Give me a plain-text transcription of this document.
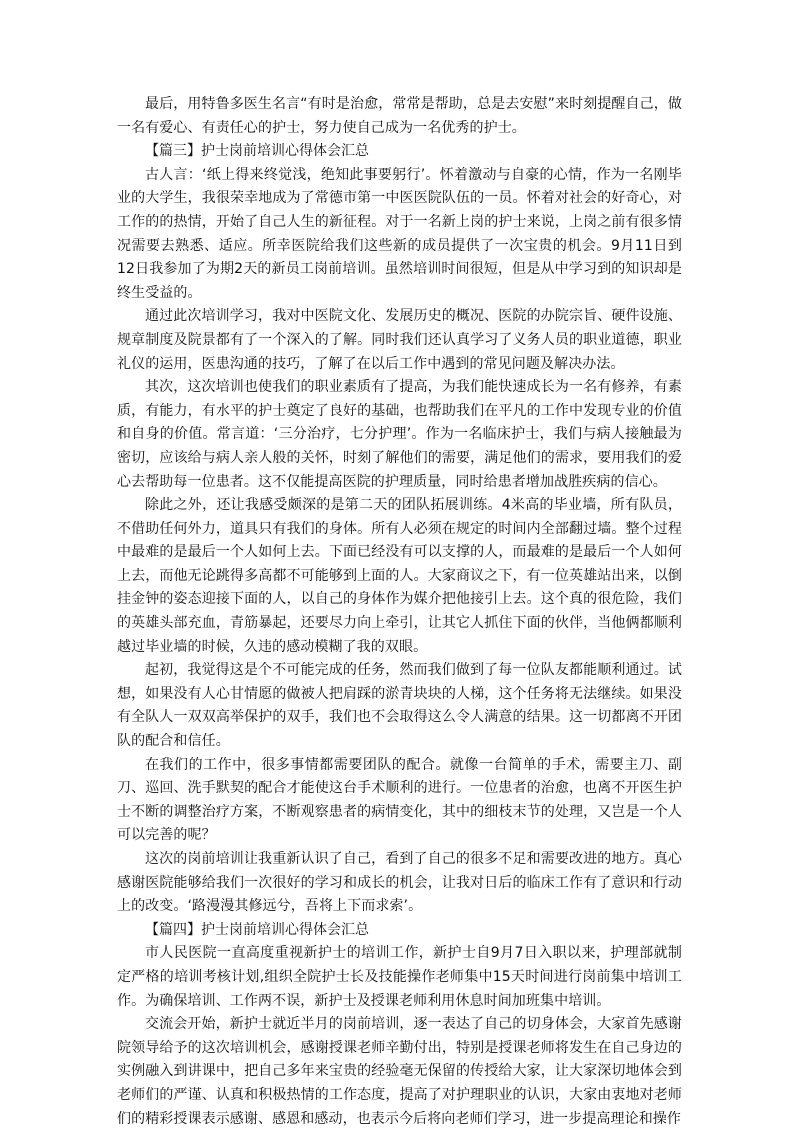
最后，用特鲁多医生名言“有时是治愈，常常是帮助，总是去安慰”来时刻提醒自己，做一名有爱心、有责任心的护士，努力使自己成为一名优秀的护士。

【篇三】护士岗前培训心得体会汇总

古人言：‘纸上得来终觉浅，绝知此事要躬行’。怀着激动与自豪的心情，作为一名刚毕业的大学生，我很荣幸地成为了常德市第一中医医院队伍的一员。怀着对社会的好奇心，对工作的的热情，开始了自己人生的新征程。对于一名新上岗的护士来说，上岗之前有很多情况需要去熟悉、适应。所幸医院给我们这些新的成员提供了一次宝贵的机会。9月11日到12日我参加了为期2天的新员工岗前培训。虽然培训时间很短，但是从中学习到的知识却是终生受益的。

通过此次培训学习，我对中医院文化、发展历史的概况、医院的办院宗旨、硬件设施、规章制度及院景都有了一个深入的了解。同时我们还认真学习了义务人员的职业道德，职业礼仪的运用，医患沟通的技巧，了解了在以后工作中遇到的常见问题及解决办法。

其次，这次培训也使我们的职业素质有了提高，为我们能快速成长为一名有修养，有素质，有能力，有水平的护士奠定了良好的基础，也帮助我们在平凡的工作中发现专业的价值和自身的价值。常言道：‘三分治疗，七分护理’。作为一名临床护士，我们与病人接触最为密切，应该给与病人亲人般的关怀，时刻了解他们的需要，满足他们的需求，要用我们的爱心去帮助每一位患者。这不仅能提高医院的护理质量，同时给患者增加战胜疾病的信心。

除此之外，还让我感受颇深的是第二天的团队拓展训练。4米高的毕业墙，所有队员，不借助任何外力，道具只有我们的身体。所有人必须在规定的时间内全部翻过墙。整个过程中最难的是最后一个人如何上去。下面已经没有可以支撑的人，而最难的是最后一个人如何上去，而他无论跳得多高都不可能够到上面的人。大家商议之下，有一位英雄站出来，以倒挂金钟的姿态迎接下面的人，以自己的身体作为媒介把他接引上去。这个真的很危险，我们的英雄头部充血，青筋暴起，还要尽力向上牵引，让其它人抓住下面的伙伴，当他俩都顺利越过毕业墙的时候，久违的感动模糊了我的双眼。

起初，我觉得这是个不可能完成的任务，然而我们做到了每一位队友都能顺利通过。试想，如果没有人心甘情愿的做被人把肩踩的淤青块块的人梯，这个任务将无法继续。如果没有全队人一双双高举保护的双手，我们也不会取得这么令人满意的结果。这一切都离不开团队的配合和信任。

在我们的工作中，很多事情都需要团队的配合。就像一台简单的手术，需要主刀、副刀、巡回、洗手默契的配合才能使这台手术顺利的进行。一位患者的治愈，也离不开医生护士不断的调整治疗方案，不断观察患者的病情变化，其中的细枝末节的处理，又岂是一个人可以完善的呢？

这次的岗前培训让我重新认识了自己，看到了自己的很多不足和需要改进的地方。真心感谢医院能够给我们一次很好的学习和成长的机会，让我对日后的临床工作有了意识和行动上的改变。‘路漫漫其修远兮，吾将上下而求索’。

【篇四】护士岗前培训心得体会汇总

市人民医院一直高度重视新护士的培训工作，新护士自9月7日入职以来，护理部就制定严格的培训考核计划,组织全院护士长及技能操作老师集中15天时间进行岗前集中培训工作。为确保培训、工作两不误，新护士及授课老师利用休息时间加班集中培训。

交流会开始，新护士就近半月的岗前培训，逐一表达了自己的切身体会，大家首先感谢院领导给予的这次培训机会，感谢授课老师辛勤付出，特别是授课老师将发生在自己身边的实例融入到讲课中，把自己多年来宝贵的经验毫无保留的传授给大家，让大家深切地体会到老师们的严谨、认真和积极热情的工作态度，提高了对护理职业的认识，大家由衷地对老师们的精彩授课表示感谢、感恩和感动，也表示今后将向老师们学习，进一步提高理论和操作
